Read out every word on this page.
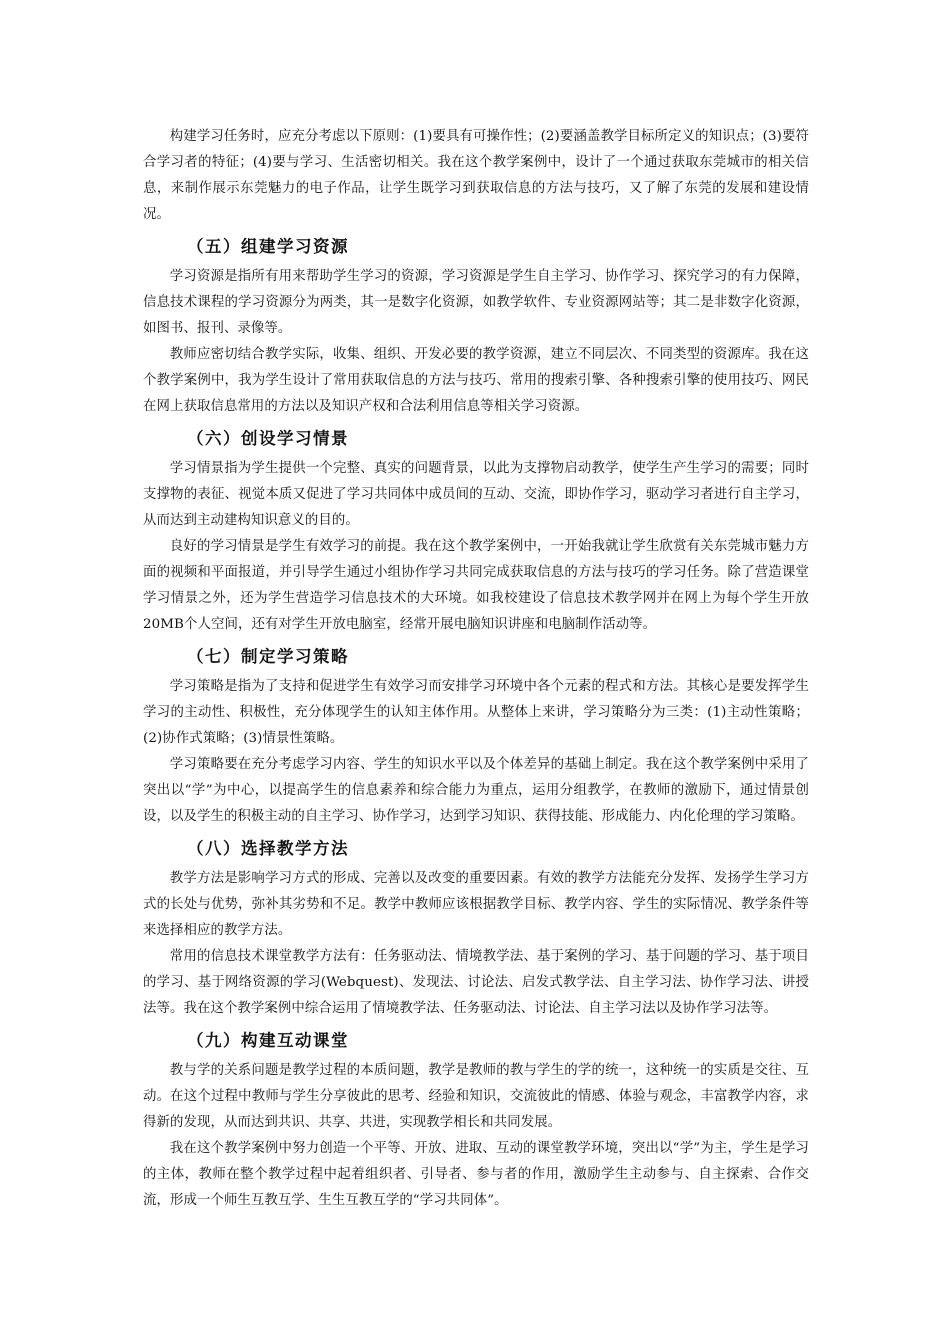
构建学习任务时，应充分考虑以下原则：(1)要具有可操作性；(2)要涵盖教学目标所定义的知识点；(3)要符合学习者的特征；(4)要与学习、生活密切相关。我在这个教学案例中，设计了一个通过获取东莞城市的相关信息，来制作展示东莞魅力的电子作品，让学生既学习到获取信息的方法与技巧，又了解了东莞的发展和建设情况。

（五）组建学习资源

学习资源是指所有用来帮助学生学习的资源，学习资源是学生自主学习、协作学习、探究学习的有力保障，信息技术课程的学习资源分为两类，其一是数字化资源，如教学软件、专业资源网站等；其二是非数字化资源，如图书、报刊、录像等。

教师应密切结合教学实际，收集、组织、开发必要的教学资源，建立不同层次、不同类型的资源库。我在这个教学案例中，我为学生设计了常用获取信息的方法与技巧、常用的搜索引擎、各种搜索引擎的使用技巧、网民在网上获取信息常用的方法以及知识产权和合法利用信息等相关学习资源。

（六）创设学习情景

学习情景指为学生提供一个完整、真实的问题背景，以此为支撑物启动教学，使学生产生学习的需要；同时支撑物的表征、视觉本质又促进了学习共同体中成员间的互动、交流，即协作学习，驱动学习者进行自主学习，从而达到主动建构知识意义的目的。

良好的学习情景是学生有效学习的前提。我在这个教学案例中，一开始我就让学生欣赏有关东莞城市魅力方面的视频和平面报道，并引导学生通过小组协作学习共同完成获取信息的方法与技巧的学习任务。除了营造课堂学习情景之外，还为学生营造学习信息技术的大环境。如我校建设了信息技术教学网并在网上为每个学生开放20MB个人空间，还有对学生开放电脑室，经常开展电脑知识讲座和电脑制作活动等。

（七）制定学习策略

学习策略是指为了支持和促进学生有效学习而安排学习环境中各个元素的程式和方法。其核心是要发挥学生学习的主动性、积极性，充分体现学生的认知主体作用。从整体上来讲，学习策略分为三类：(1)主动性策略；(2)协作式策略；(3)情景性策略。

学习策略要在充分考虑学习内容、学生的知识水平以及个体差异的基础上制定。我在这个教学案例中采用了突出以“学”为中心，以提高学生的信息素养和综合能力为重点，运用分组教学，在教师的激励下，通过情景创设，以及学生的积极主动的自主学习、协作学习，达到学习知识、获得技能、形成能力、内化伦理的学习策略。

（八）选择教学方法

教学方法是影响学习方式的形成、完善以及改变的重要因素。有效的教学方法能充分发挥、发扬学生学习方式的长处与优势，弥补其劣势和不足。教学中教师应该根据教学目标、教学内容、学生的实际情况、教学条件等来选择相应的教学方法。

常用的信息技术课堂教学方法有：任务驱动法、情境教学法、基于案例的学习、基于问题的学习、基于项目的学习、基于网络资源的学习(Webquest)、发现法、讨论法、启发式教学法、自主学习法、协作学习法、讲授法等。我在这个教学案例中综合运用了情境教学法、任务驱动法、讨论法、自主学习法以及协作学习法等。

（九）构建互动课堂

教与学的关系问题是教学过程的本质问题，教学是教师的教与学生的学的统一，这种统一的实质是交往、互动。在这个过程中教师与学生分享彼此的思考、经验和知识，交流彼此的情感、体验与观念，丰富教学内容，求得新的发现，从而达到共识、共享、共进，实现教学相长和共同发展。

我在这个教学案例中努力创造一个平等、开放、进取、互动的课堂教学环境，突出以“学”为主，学生是学习的主体，教师在整个教学过程中起着组织者、引导者、参与者的作用，激励学生主动参与、自主探索、合作交流，形成一个师生互教互学、生生互教互学的“学习共同体”。
